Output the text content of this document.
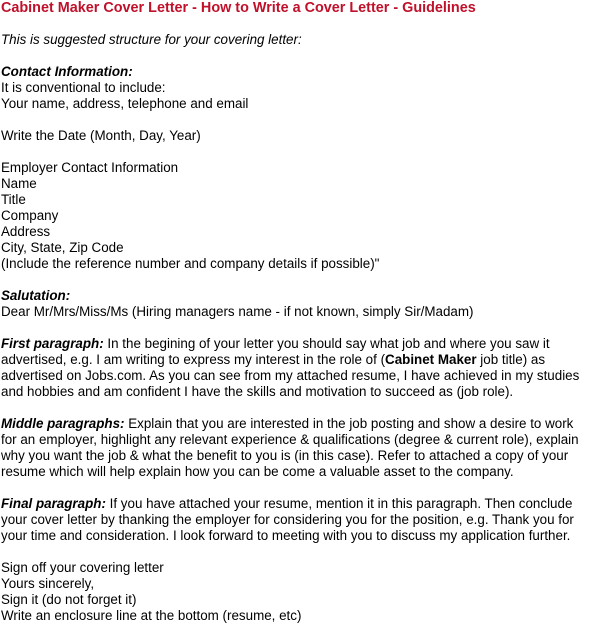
Cabinet Maker Cover Letter - How to Write a Cover Letter - Guidelines
This is suggested structure for your covering letter:
Contact Information:
It is conventional to include:
Your name, address, telephone and email
Write the Date (Month, Day, Year)
Employer Contact Information
Name
Title
Company
Address
City, State, Zip Code
(Include the reference number and company details if possible)"
Salutation:
Dear Mr/Mrs/Miss/Ms (Hiring managers name - if not known, simply Sir/Madam)
First paragraph: In the begining of your letter you should say what job and where you saw it
advertised, e.g. I am writing to express my interest in the role of (Cabinet Maker job title) as
advertised on Jobs.com. As you can see from my attached resume, I have achieved in my studies
and hobbies and am confident I have the skills and motivation to succeed as (job role).
Middle paragraphs: Explain that you are interested in the job posting and show a desire to work
for an employer, highlight any relevant experience & qualifications (degree & current role), explain
why you want the job & what the benefit to you is (in this case). Refer to attached a copy of your
resume which will help explain how you can be come a valuable asset to the company.
Final paragraph: If you have attached your resume, mention it in this paragraph. Then conclude
your cover letter by thanking the employer for considering you for the position, e.g. Thank you for
your time and consideration. I look forward to meeting with you to discuss my application further.
Sign off your covering letter
Yours sincerely,
Sign it (do not forget it)
Write an enclosure line at the bottom (resume, etc)
